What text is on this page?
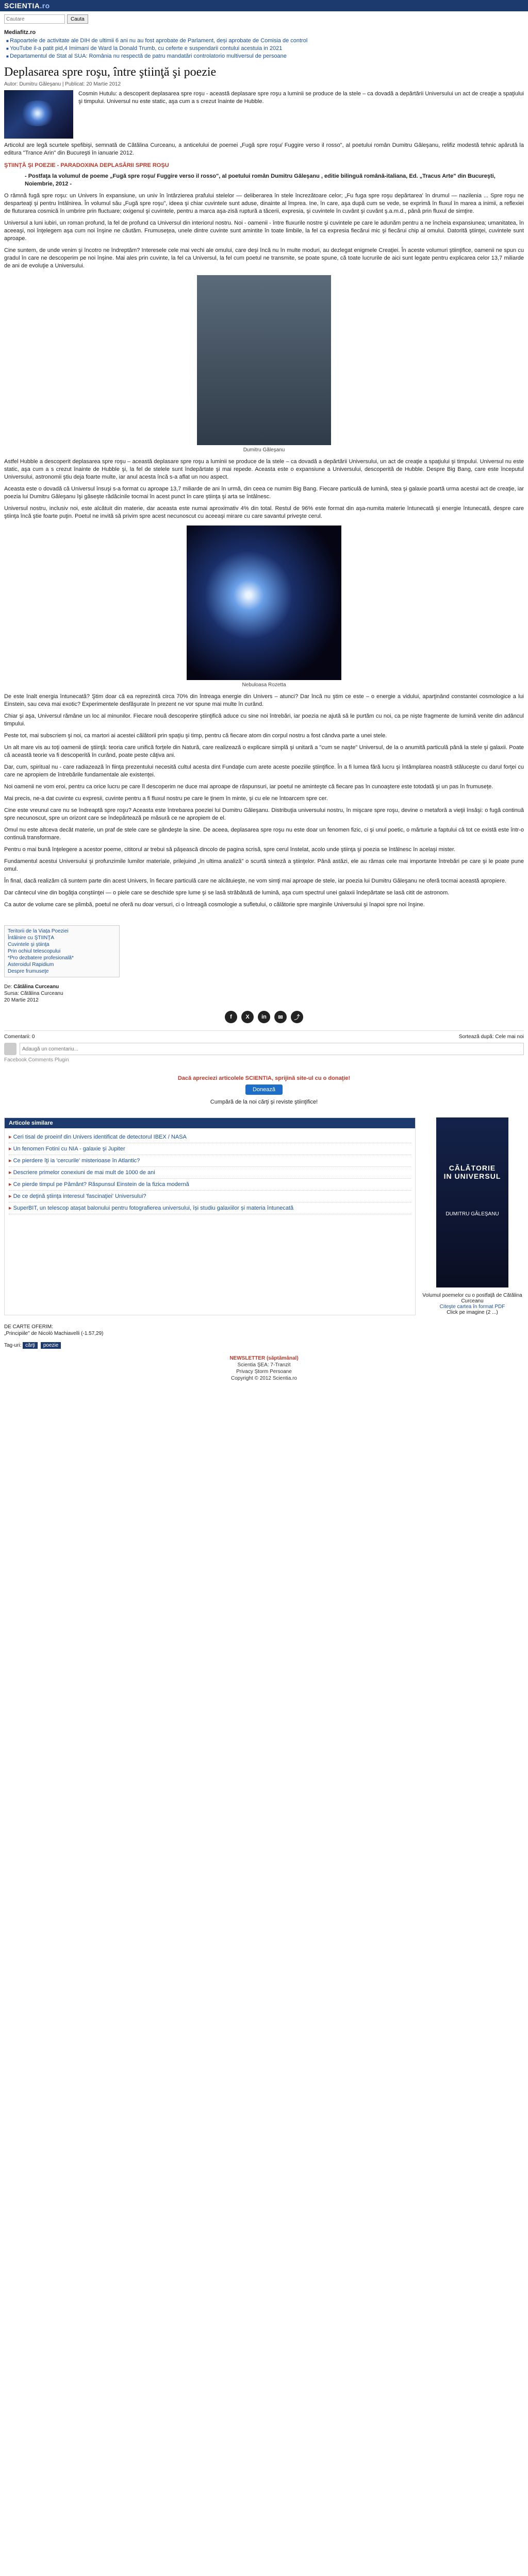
SCIENTIA.ro
Cautare
Cauta
Mediafitz.ro
■ Rapoartele de activitate ale DIH de ultimii 6 ani nu au fost aprobate de Parlament, deși aprobate de Comisia de control
■ YouTube il-a patit pid,4 Imimani de Ward la Donald Trumb, cu ceferte e suspendarii contului acestuia in 2021
■ Departamentul de Stat al SUA: România nu respectă de patru mandatări controlatorio multiversul de persoane
Deplasarea spre roşu, între ştiinţă şi poezie
Autor: Dumitru Găleşanu | Publicat: 20 Martie 2012

Cosmin Hutulu: a descoperit deplasarea spre roşu - această deplasare spre roşu a luminii se produce de la stele – ca dovadă a depărtării Universului un act de creaţie a spaţiului şi timpului. Universul nu este static, aşa cum a s crezut înainte de Hubble.

Articolul are legă scurtele spefibişi, semnată de Cătălina Curceanu, a anticelului de poemei „Fugă spre roşu/ Fuggire verso il rosso", al poetului român Dumitru Găleşanu, relifiz modestă tehnic apărută la editura "Trance Arin" din Bucureşti în ianuarie 2012.

ŞTIINŢĂ ŞI POEZIE - PARADOXINA DEPLASĂRII SPRE ROŞU
- Postfaţa la volumul de poeme „Fugă spre roşu/ Fuggire verso il rosso", al poetului român Dumitru Găleşanu , editie bilinguă română-italiana, Ed. „Tracus Arte" din Bucureşti, Noiembrie, 2012 -

O râmnă fugă spre roşu: un Univers în expansiune, un univ în întârzierea prafului stelelor — deliberarea în stele încrezătoare celor; „Fu fuga spre roşu depărtarea' în drumul — nazilenia ... Spre roşu ne desparteaţi şi pentru întâlnirea. În volumul său „Fugă spre roşu", ideea şi chiar cuvintele sunt aduse, dinainte al împrea. Ine, în care, aşa după cum se vede, se exprimă în fluxul în marea a inimii, a reflexiei de fluturarea cosmică în umbrire prin fluctuare; oxigenul şi cuvintele, pentru a marca aşa-zisă ruptură a tăcerii, expresia, şi cuvintele în cuvânt şi cuvânt ş.a.m.d., până prin fluxul de simţire.

Universul a luni iubiri, un roman profund, la fel de profund ca Universul din interiorul nostru. Noi - oamenii - între fluxurile nostre şi cuvintele pe care le adunăm pentru a ne încheia expansiunea; umanitatea, în aceeaşi, noi înţelegem aşa cum noi înşine ne căutăm. Frumuseţea, unele dintre cuvinte sunt amintite în toate limbile, la fel ca expresia fiecărui mic şi fiecărui chip al omului. Datorită ştiinţei, cuvintele sunt aproape.

Cine suntem, de unde venim şi încotro ne îndreptăm? Interesele cele mai vechi ale omului, care deşi încă nu în multe moduri, au dezlegat enigmele Creaţiei. În aceste volumuri ştiinţifice, oamenii ne spun cu gradul în care ne descoperim pe noi înşine. Mai ales prin cuvinte, la fel ca Universul, la fel cum poetul ne transmite, se poate spune, că toate lucrurile de aici sunt legate pentru explicarea celor 13,7 miliarde de ani de evoluţie a Universului.

Dumitru Găleşanu

Astfel Hubble a descoperit deplasarea spre roşu – această deplasare spre roşu a luminii se produce de la stele – ca dovadă a depărtării Universului, un act de creaţie a spaţiului şi timpului. Universul nu este static, aşa cum a s crezut înainte de Hubble şi, la fel de stelele sunt îndepărtate şi mai repede. Aceasta este o expansiune a Universului, descoperită de Hubble. Despre Big Bang, care este începutul Universului, astronomii ştiu deja foarte multe, iar anul acesta încă s-a aflat un nou aspect.

Aceasta este o dovadă că Universul însuşi s-a format cu aproape 13,7 miliarde de ani în urmă, din ceea ce numim Big Bang. Fiecare particulă de lumină, stea şi galaxie poartă urma acestui act de creaţie, iar poezia lui Dumitru Găleşanu îşi găseşte rădăcinile tocmai în acest punct în care ştiinţa şi arta se întâlnesc.

Universul nostru, inclusiv noi, este alcătuit din materie, dar aceasta este numai aproximativ 4% din total. Restul de 96% este format din aşa-numita materie întunecată şi energie întunecată, despre care ştiinţa încă ştie foarte puţin. Poetul ne invită să privim spre acest necunoscut cu aceeaşi mirare cu care savantul priveşte cerul.

Nebuloasa Rozetta

De este înalt energia întunecată? Ştim doar că ea reprezintă circa 70% din întreaga energie din Univers – atunci? Dar încă nu ştim ce este – o energie a vidului, aparţinând constantei cosmologice a lui Einstein, sau ceva mai exotic? Experimentele desfăşurate în prezent ne vor spune mai multe în curând.

Chiar şi aşa, Universul rămâne un loc al minunilor. Fiecare nouă descoperire ştiinţifică aduce cu sine noi întrebări, iar poezia ne ajută să le purtăm cu noi, ca pe nişte fragmente de lumină venite din adâncul timpului.

Peste tot, mai subscriem şi noi, ca martori ai acestei călătorii prin spaţiu şi timp, pentru că fiecare atom din corpul nostru a fost cândva parte a unei stele.

Un alt mare vis au toţi oamenii de ştiinţă: teoria care unifică forţele din Natură, care realizează o explicare simplă şi unitară a "cum se naşte" Universul, de la o anumită particulă până la stele şi galaxii. Poate că această teorie va fi descoperită în curând, poate peste câţiva ani.

Dar, cum, spiritual nu - care radiazează în fiinţa prezentului necesită cultul acesta dint Fundaţie cum arete aceste poeziile ştiinţifice. În a fi lumea fără lucru şi întâmplarea noastră stăluceşte cu darul forţei cu care ne apropiem de întrebările fundamentale ale existenţei.

Noi oamenii ne vom eroi, pentru ca orice lucru pe care îl descoperim ne duce mai aproape de răspunsuri, iar poetul ne aminteşte că fiecare pas în cunoaştere este totodată şi un pas în frumuseţe.

Mai precis, ne-a dat cuvinte cu expresii, cuvinte pentru a fi fluxul nostru pe care le ţinem în minte, şi cu ele ne întoarcem spre cer.

Cine este vreunul care nu se îndreaptă spre roşu? Aceasta este întrebarea poeziei lui Dumitru Găleşanu. Distribuţia universului nostru, în mişcare spre roşu, devine o metaforă a vieţii însăşi: o fugă continuă spre necunoscut, spre un orizont care se îndepărtează pe măsură ce ne apropiem de el.

Omul nu este altceva decât materie, un praf de stele care se gândeşte la sine. De aceea, deplasarea spre roşu nu este doar un fenomen fizic, ci şi unul poetic, o mărturie a faptului că tot ce există este într-o continuă transformare.

Pentru o mai bună înţelegere a acestor poeme, cititorul ar trebui să păşească dincolo de pagina scrisă, spre cerul înstelat, acolo unde ştiinţa şi poezia se întâlnesc în acelaşi mister.

Fundamentul acestui Universului şi profunzimile lumilor materiale, prilejuind „în ultima analiză" o scurtă sinteză a ştiinţelor. Până astăzi, ele au rămas cele mai importante întrebări pe care şi le poate pune omul.

În final, dacă realizăm că suntem parte din acest Univers, în fiecare particulă care ne alcătuieşte, ne vom simţi mai aproape de stele, iar poezia lui Dumitru Găleşanu ne oferă tocmai această apropiere.

Dar cântecul vine din bogăţia conştiinţei — o piele care se deschide spre lume şi se lasă străbătută de lumină, aşa cum spectrul unei galaxii îndepărtate se lasă citit de astronom.

Ca autor de volume care se plimbă, poetul ne oferă nu doar versuri, ci o întreagă cosmologie a sufletului, o călătorie spre marginile Universului şi înapoi spre noi înşine.

Teritorii de la Viața Poeziei
Întâlnire cu ŞTIINŢA
Cuvintele şi ştiinţa
Prin ochiul telescopului
*Pro dezbatere profesională*
Asteroidul Rapidium
Despre frumuseţe
De: Cătălina Curceanu
Sursa: Cătălina Curceanu
20 Martie 2012
f	X	in	✉	⤴
Comentarii: 0	Sortează după: Cele mai noi
Adaugă un comentariu...
Facebook Comments Plugin
Dacă apreciezi articolele SCIENTIA, sprijină site-ul cu o donaţie!
Donează
Cumpără de la noi cărţi şi reviste ştiinţifice!
Articole similare
▸ Ceri tisal de proeinf din Univers identificat de detectorul IBEX / NASA
▸ Un fenomen Fotini cu NIA - galaxie şi Jupiter
▸ Ce pierdere îţi ia 'cercurile' misterioase în Atlantic?
▸ Descriere primelor conexiuni de mai mult de 1000 de ani
▸ Ce pierde timpul pe Pământ? Răspunsul Einstein de la fizica modernă
▸ De ce deţină ştiinţa interesul 'fascinaţiei' Universului?
▸ SuperBIT, un telescop atașat balonului pentru fotografierea universului, își studiu galaxiilor și materia întunecată
CĂLĂTORIE
IN UNIVERSUL
DUMITRU GĂLEŞANU
Volumul poemelor cu o postfaţă de Cătălina Curceanu
Citeşte cartea în format PDF
Click pe imagine (2 ...)
DE CARTE OFERIM:
„Principiile" de Nicolò Machiavelli (-1.57,29)
Tag-uri: cărţi poezie
NEWSLETTER (săptămânal)
Scientia ŞEA: 7-Tranzit
Privacy Ștorm Persoane
Copyright © 2012 Scientia.ro
